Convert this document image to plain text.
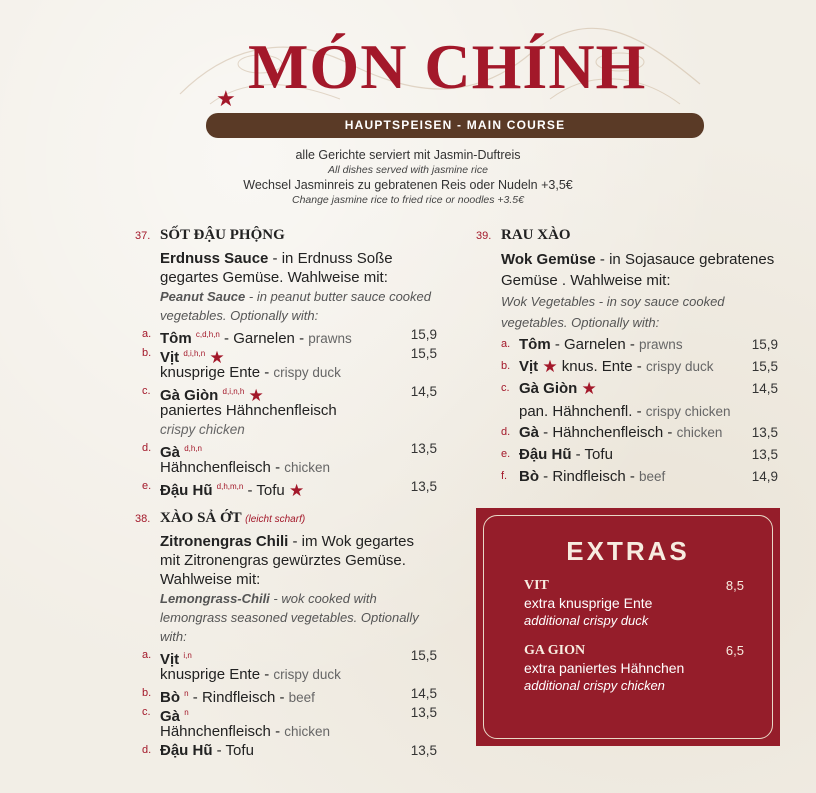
★ MÓN CHÍNH
HAUPTSPEISEN - MAIN COURSE
alle Gerichte serviert mit Jasmin-Duftreis
All dishes served with jasmine rice
Wechsel Jasminreis zu gebratenen Reis oder Nudeln +3,5€
Change jasmine rice to fried rice or noodles +3.5€
37. SỐT ĐẬU PHỘNG
Erdnuss Sauce - in Erdnuss Soße gegartes Gemüse. Wahlweise mit:
Peanut Sauce - in peanut butter sauce cooked vegetables. Optionally with:
a. Tôm $^{c,d,h,n}$ - Garnelen - prawns	15,9
b. Vịt $^{d,i,h,n}$ ★	15,5
knusprige Ente - crispy duck
c. Gà Giòn $^{d,i,n,h}$ ★	14,5
paniertes Hähnchenfleisch
crispy chicken
d. Gà $^{d,h,n}$	13,5
Hähnchenfleisch - chicken
e. Đậu Hũ $^{d,h,m,n}$ - Tofu ★	13,5
38. XÀO SẢ ỚT (leicht scharf)
Zitronengras Chili - im Wok gegartes mit Zitronengras gewürztes Gemüse. Wahlweise mit:
Lemongrass-Chili - wok cooked with lemongrass seasoned vegetables. Optionally with:
a. Vịt $^{i,n}$	15,5
knusprige Ente - crispy duck
b. Bò $^n$ - Rindfleisch - beef	14,5
c. Gà $^n$	13,5
Hähnchenfleisch - chicken
d. Đậu Hũ - Tofu	13,5
39. RAU XÀO
Wok Gemüse - in Sojasauce gebratenes Gemüse . Wahlweise mit:
Wok Vegetables - in soy sauce cooked vegetables. Optionally with:
a. Tôm - Garnelen - prawns	15,9
b. Vịt ★ knus. Ente - crispy duck	15,5
c. Gà Giòn ★	14,5
pan. Hähnchenfl. - crispy chicken
d. Gà - Hähnchenfleisch - chicken 13,5
e. Đậu Hũ - Tofu	13,5
f. Bò - Rindfleisch - beef	14,9
EXTRAS
VIT	8,5
extra knusprige Ente
additional crispy duck
GA GION	6,5
extra paniertes Hähnchen
additional crispy chicken
